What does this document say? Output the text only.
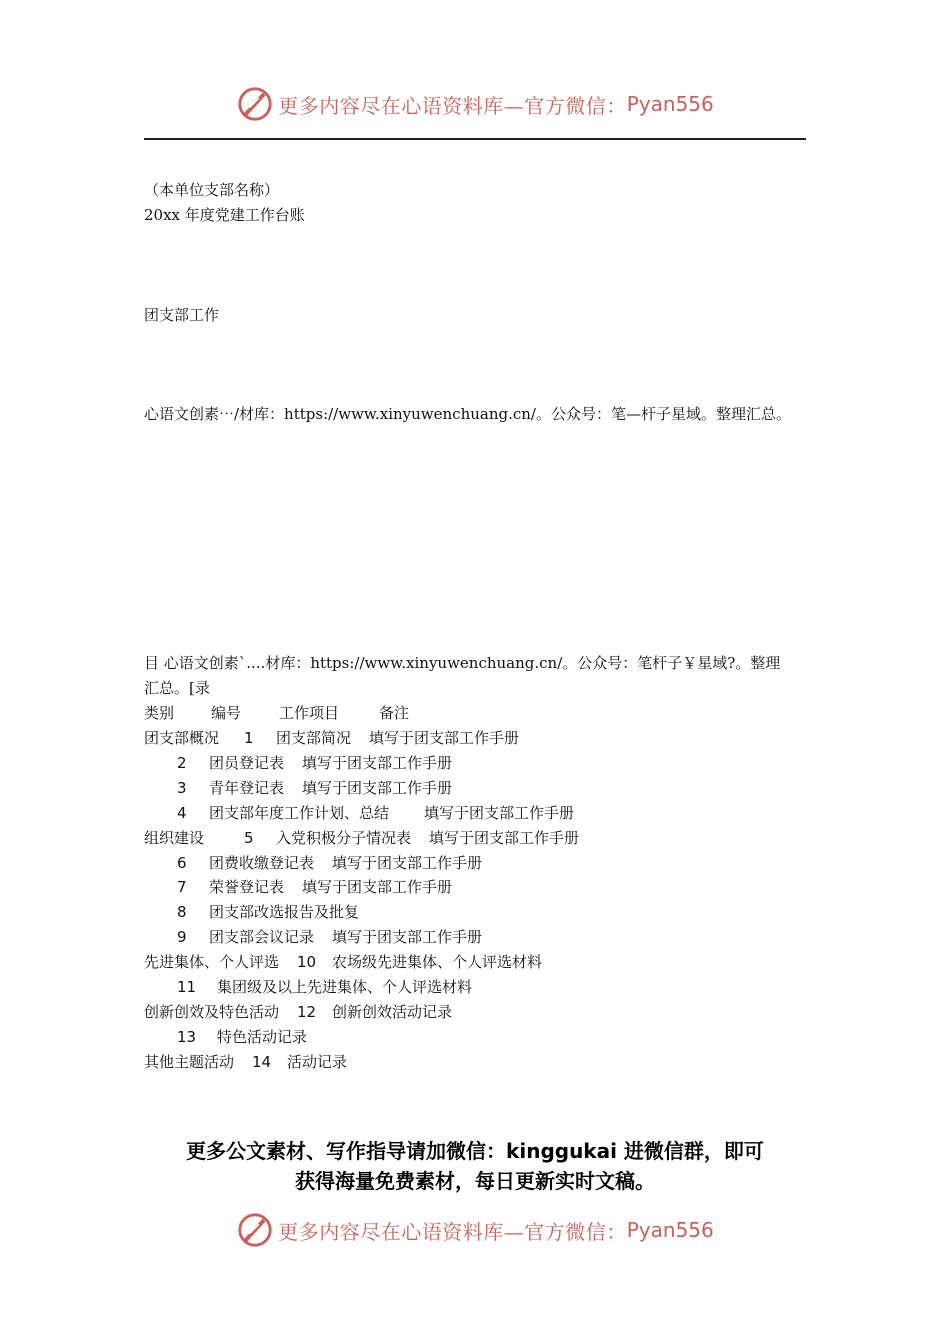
更多内容尽在心语资料库—官方微信： Pyan556
（本单位支部名称）
20xx 年度党建工作台账
团支部工作
心语文创素⋯/材库：https://www.xinyuwenchuang.cn/。公众号：笔—杆子星域。整理汇总。
目 心语文创素`....材库：https://www.xinyuwenchuang.cn/。公众号：笔杆子￥星域?。整理
汇总。[录
类别 编号	工作项目	备注
团支部概况 1 团支部简况 填写于团支部工作手册
2 团员登记表 填写于团支部工作手册
3 青年登记表 填写于团支部工作手册
4 团支部年度工作计划、总结 填写于团支部工作手册
组织建设	5 入党积极分子情况表 填写于团支部工作手册
6 团费收缴登记表 填写于团支部工作手册
7 荣誉登记表 填写于团支部工作手册
8 团支部改选报告及批复
9 团支部会议记录 填写于团支部工作手册
先进集体、个人评选 10 农场级先进集体、个人评选材料
11 集团级及以上先进集体、个人评选材料
创新创效及特色活动 12 创新创效活动记录
13 特色活动记录
其他主题活动 14 活动记录
更多公文素材、写作指导请加微信：kinggukai 进微信群，即可
获得海量免费素材，每日更新实时文稿。
更多内容尽在心语资料库—官方微信： Pyan556
